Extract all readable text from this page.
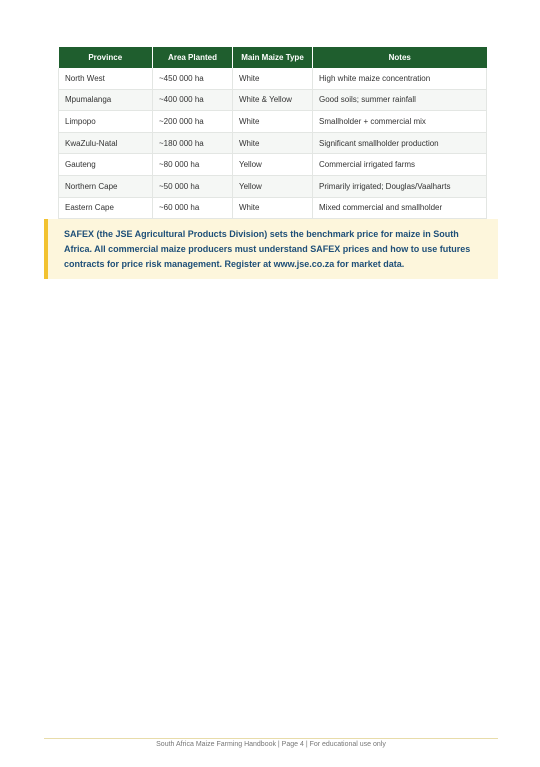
Province	Area Planted	Main Maize Type	Notes
North West	~450 000 ha	White	High white maize concentration
Mpumalanga	~400 000 ha	White & Yellow	Good soils; summer rainfall
Limpopo	~200 000 ha	White	Smallholder + commercial mix
KwaZulu-Natal	~180 000 ha	White	Significant smallholder production
Gauteng	~80 000 ha	Yellow	Commercial irrigated farms
Northern Cape	~50 000 ha	Yellow	Primarily irrigated; Douglas/Vaalharts
Eastern Cape	~60 000 ha	White	Mixed commercial and smallholder

SAFEX (the JSE Agricultural Products Division) sets the benchmark price for maize in South Africa. All commercial maize producers must understand SAFEX prices and how to use futures contracts for price risk management. Register at www.jse.co.za for market data.

South Africa Maize Farming Handbook | Page 4 | For educational use only
